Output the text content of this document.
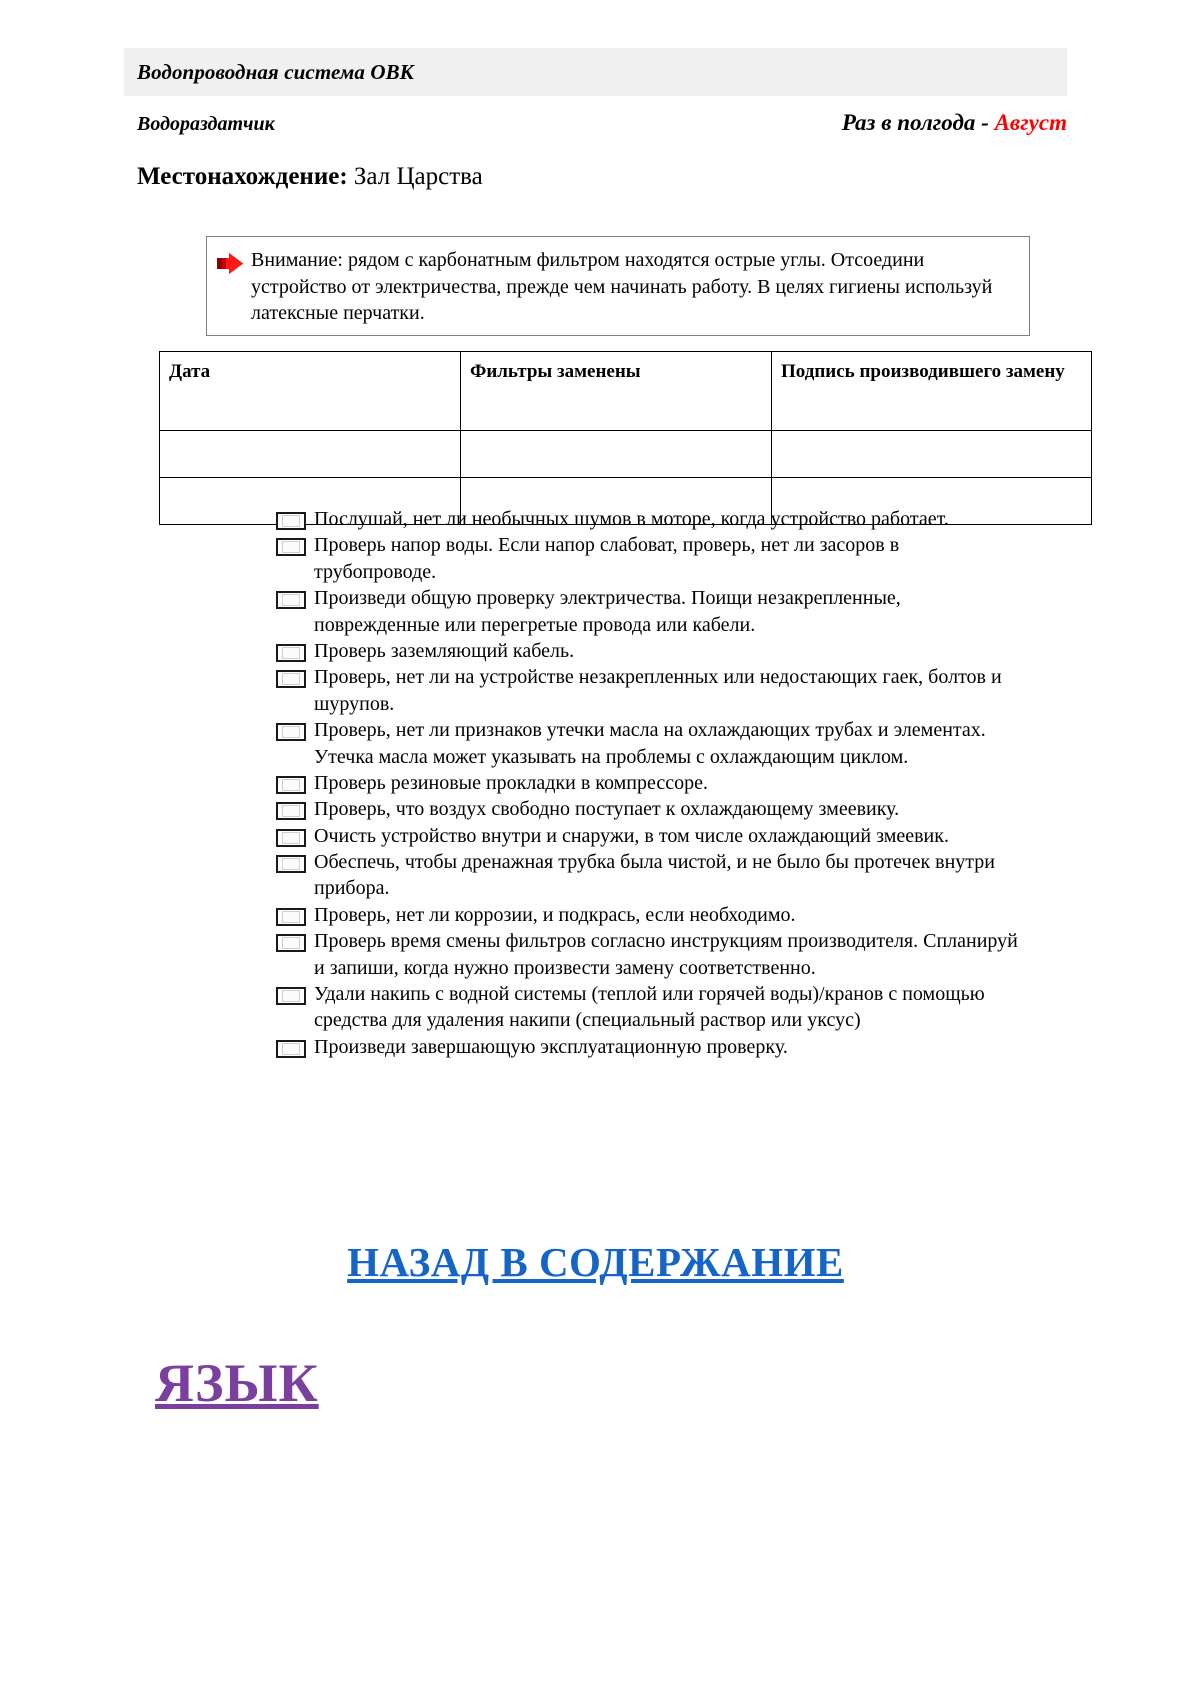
Водопроводная система ОВК
Водораздатчик	Раз в полгода - Август
Местонахождение: Зал Царства
Внимание: рядом с карбонатным фильтром находятся острые углы. Отсоедини устройство от электричества, прежде чем начинать работу. В целях гигиены используй латексные перчатки.
Дата	Фильтры заменены	Подпись производившего замену

Послушай, нет ли необычных шумов в моторе, когда устройство работает.
Проверь напор воды. Если напор слабоват, проверь, нет ли засоров в трубопроводе.
Произведи общую проверку электричества. Поищи незакрепленные, поврежденные или перегретые провода или кабели.
Проверь заземляющий кабель.
Проверь, нет ли на устройстве незакрепленных или недостающих гаек, болтов и шурупов.
Проверь, нет ли признаков утечки масла на охлаждающих трубах и элементах. Утечка масла может указывать на проблемы с охлаждающим циклом.
Проверь резиновые прокладки в компрессоре.
Проверь, что воздух свободно поступает к охлаждающему змеевику.
Очисть устройство внутри и снаружи, в том числе охлаждающий змеевик.
Обеспечь, чтобы дренажная трубка была чистой, и не было бы протечек внутри прибора.
Проверь, нет ли коррозии, и подкрась, если необходимо.
Проверь время смены фильтров согласно инструкциям производителя. Спланируй и запиши, когда нужно произвести замену соответственно.
Удали накипь с водной системы (теплой или горячей воды)/кранов с помощью средства для удаления накипи (специальный раствор или уксус)
Произведи завершающую эксплуатационную проверку.
НАЗАД В СОДЕРЖАНИЕ
ЯЗЫК
